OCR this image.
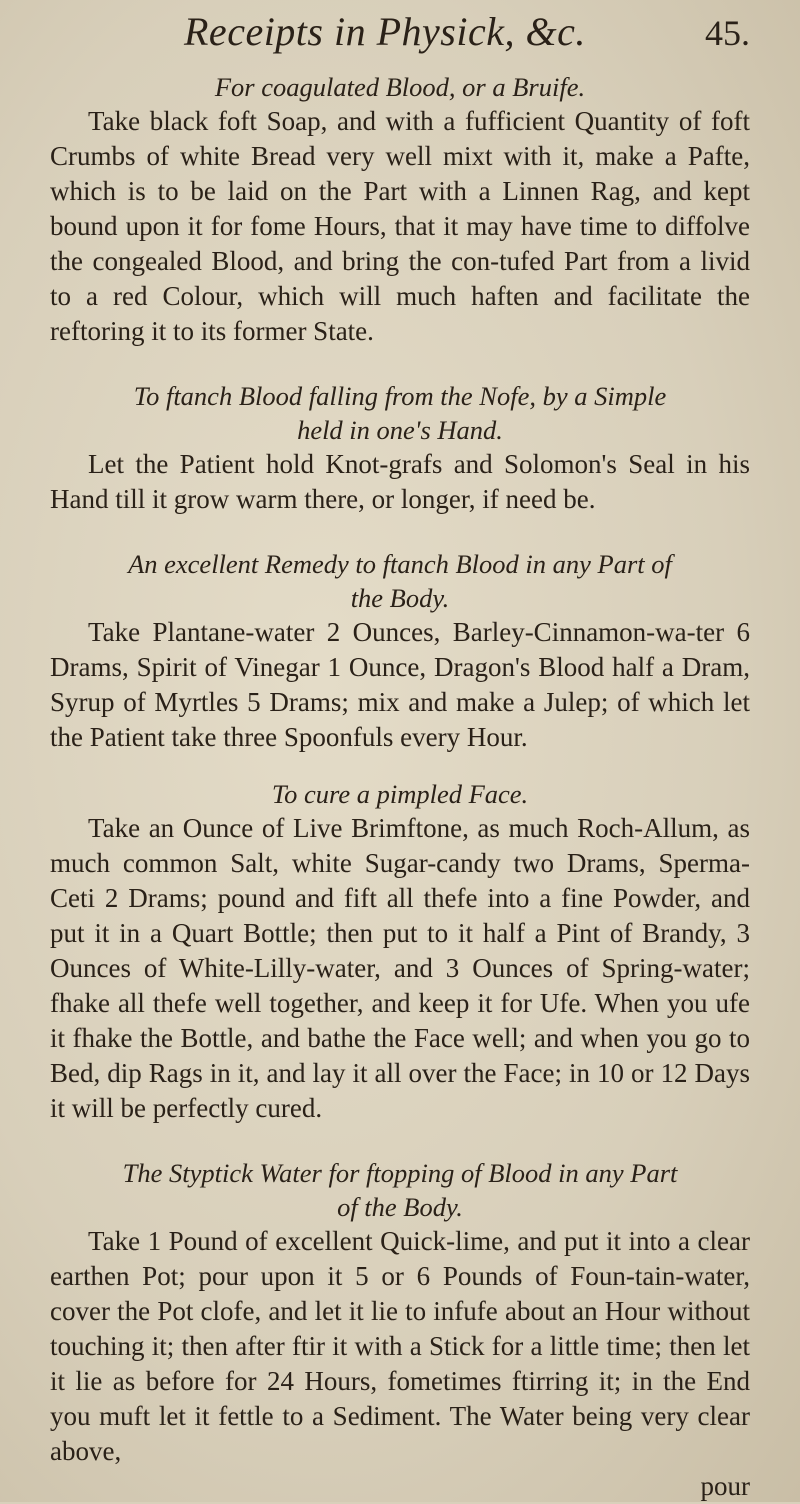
Receipts in Physick, &c.	45.

For coagulated Blood, or a Bruife.

Take black foft Soap, and with a fufficient Quantity of foft Crumbs of white Bread very well mixt with it, make a Pafte, which is to be laid on the Part with a Linnen Rag, and kept bound upon it for fome Hours, that it may have time to diffolve the congealed Blood, and bring the con-tufed Part from a livid to a red Colour, which will much haften and facilitate the reftoring it to its former State.

To ftanch Blood falling from the Nofe, by a Simple

held in one's Hand.

Let the Patient hold Knot-grafs and Solomon's Seal in his Hand till it grow warm there, or longer, if need be.

An excellent Remedy to ftanch Blood in any Part of

the Body.

Take Plantane-water 2 Ounces, Barley-Cinnamon-wa-ter 6 Drams, Spirit of Vinegar 1 Ounce, Dragon's Blood half a Dram, Syrup of Myrtles 5 Drams; mix and make a Julep; of which let the Patient take three Spoonfuls every Hour.

To cure a pimpled Face.

Take an Ounce of Live Brimftone, as much Roch-Allum, as much common Salt, white Sugar-candy two Drams, Sperma-Ceti 2 Drams; pound and fift all thefe into a fine Powder, and put it in a Quart Bottle; then put to it half a Pint of Brandy, 3 Ounces of White-Lilly-water, and 3 Ounces of Spring-water; fhake all thefe well together, and keep it for Ufe. When you ufe it fhake the Bottle, and bathe the Face well; and when you go to Bed, dip Rags in it, and lay it all over the Face; in 10 or 12 Days it will be perfectly cured.

The Styptick Water for ftopping of Blood in any Part

of the Body.

Take 1 Pound of excellent Quick-lime, and put it into a clear earthen Pot; pour upon it 5 or 6 Pounds of Foun-tain-water, cover the Pot clofe, and let it lie to infufe about an Hour without touching it; then after ftir it with a Stick for a little time; then let it lie as before for 24 Hours, fometimes ftirring it; in the End you muft let it fettle to a Sediment. The Water being very clear above,

pour
